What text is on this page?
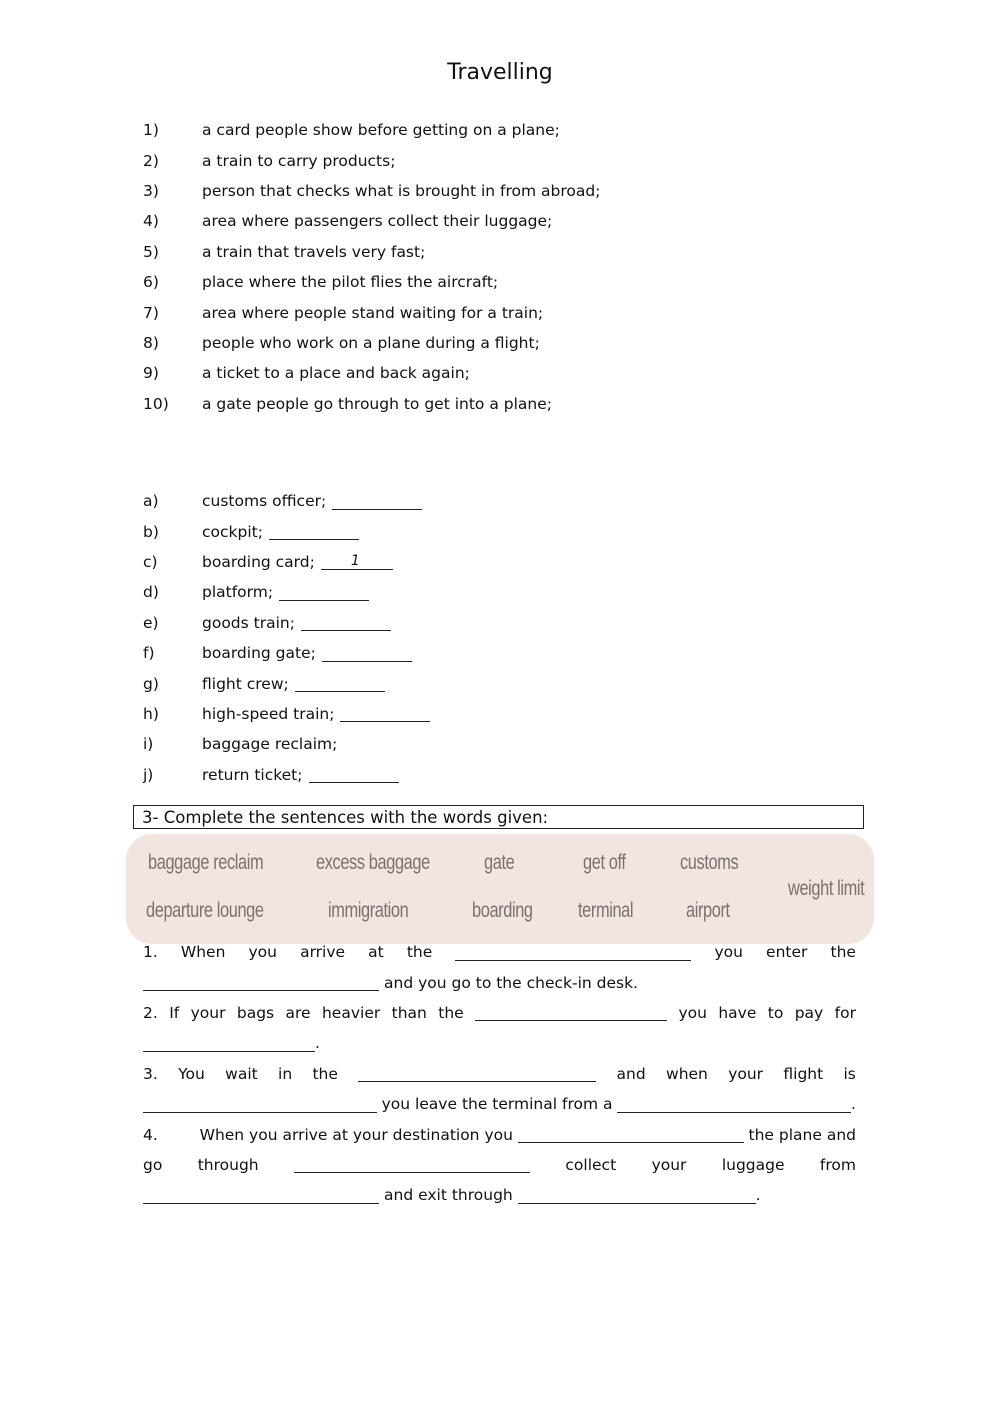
Travelling
1)	a card people show before getting on a plane;
2)	a train to carry products;
3)	person that checks what is brought in from abroad;
4)	area where passengers collect their luggage;
5)	a train that travels very fast;
6)	place where the pilot flies the aircraft;
7)	area where people stand waiting for a train;
8)	people who work on a plane during a flight;
9)	a ticket to a place and back again;
10)	a gate people go through to get into a plane;
a)	customs officer;
b)	cockpit;
c)	boarding card;	1
d)	platform;
e)	goods train;
f)	boarding gate;
g)	flight crew;
h)	high-speed train;
i)	baggage reclaim;
j)	return ticket;
3- Complete the sentences with the words given:
baggage reclaim	excess baggage	gate	get off	customs
weight limit
departure lounge	immigration	boarding terminal	airport
1. When you arrive at the	you enter the
and you go to the check-in desk.
2. If your bags are heavier than the	you have to pay for
.
3. You wait in the	and when your flight is
you leave the terminal from a	.
4.	When you arrive at your destination you	the plane and
go through	collect your luggage from
and exit through	.
